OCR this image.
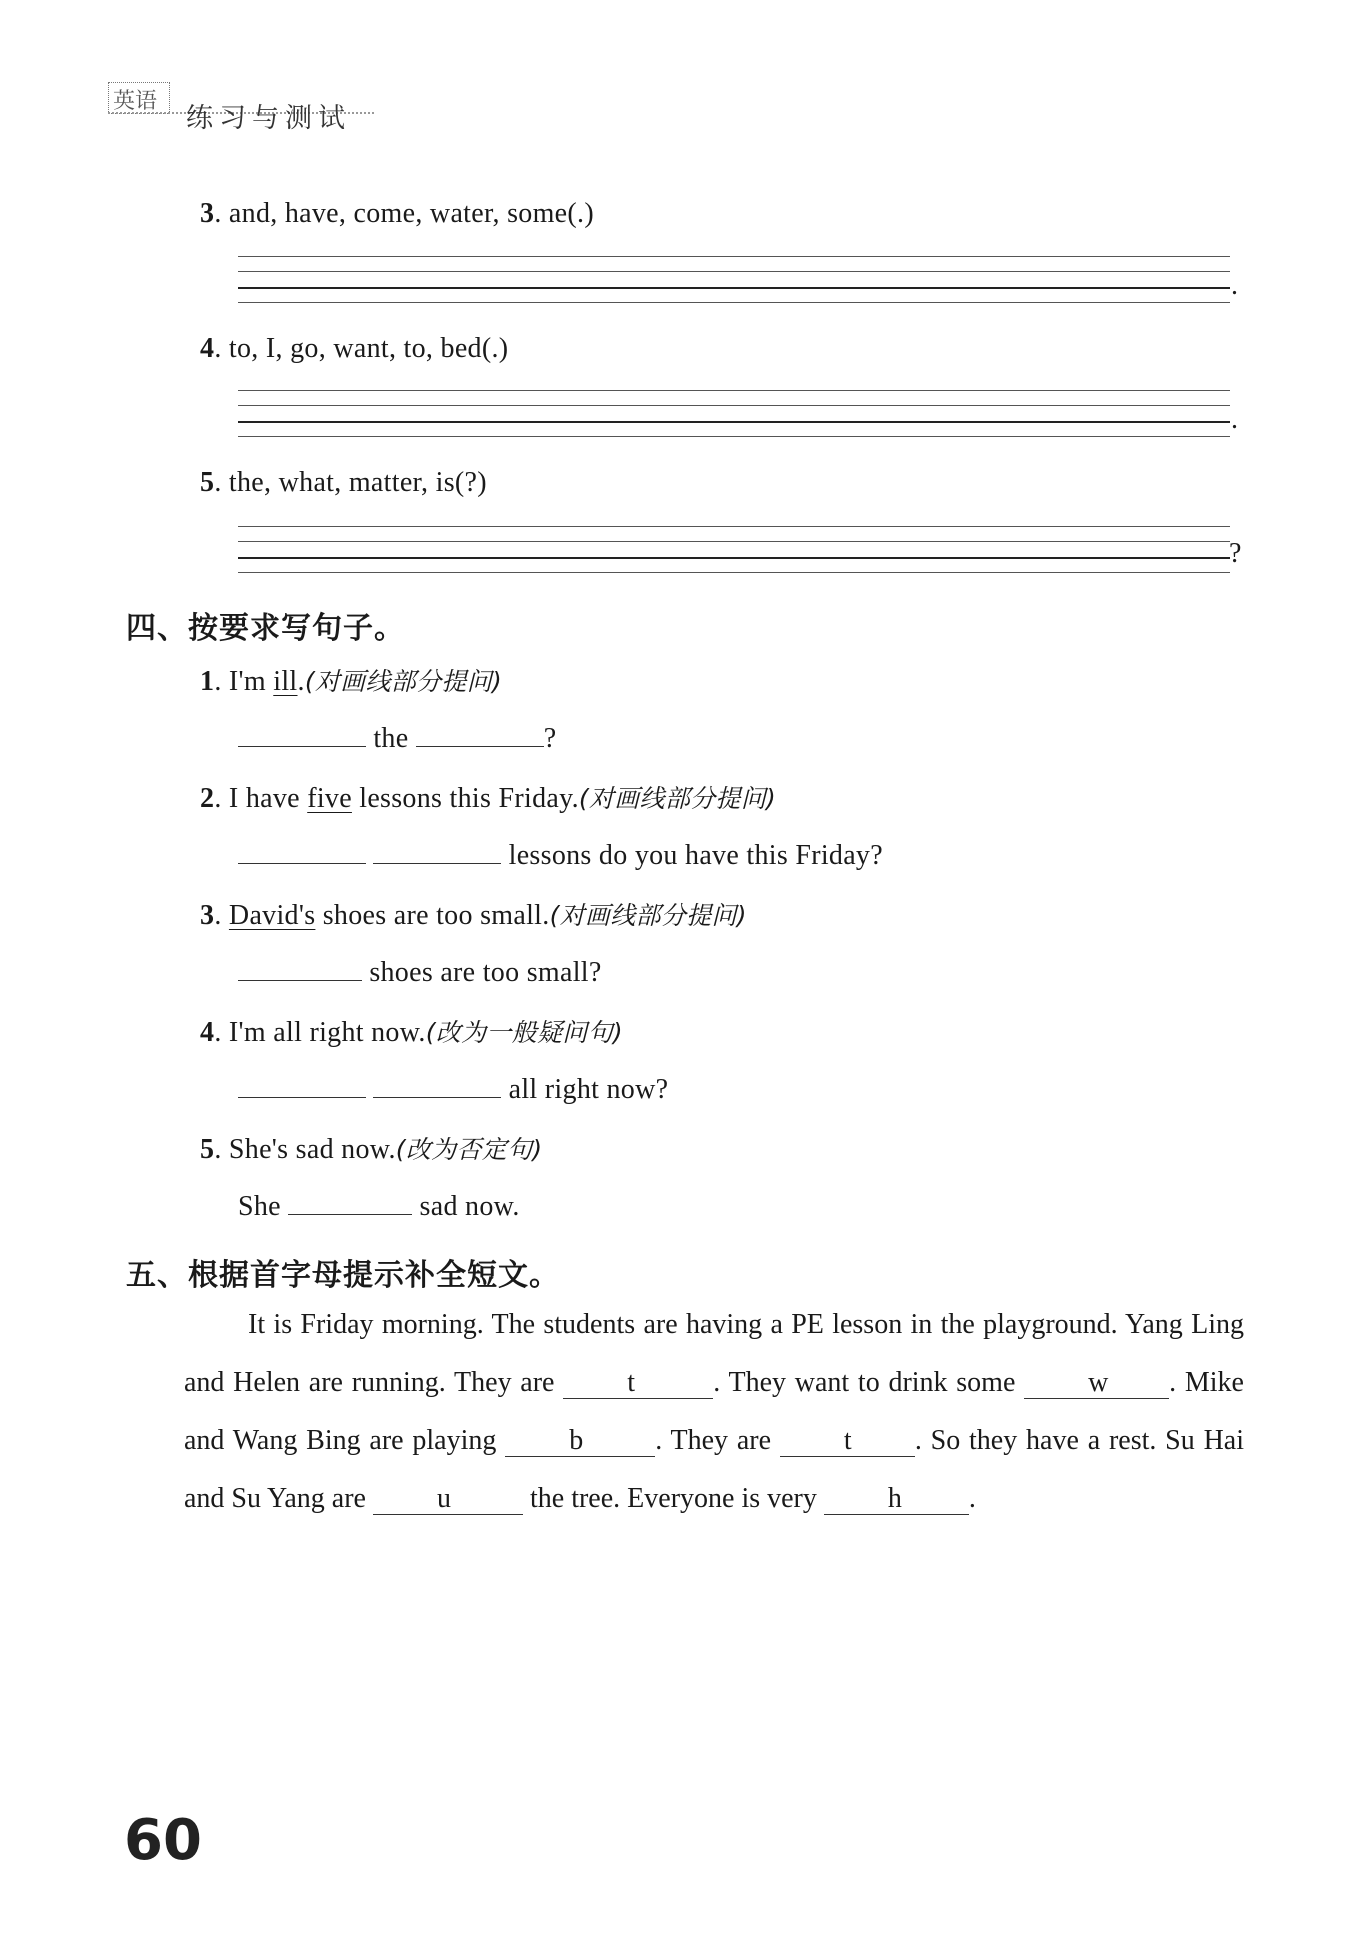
英语
练习与测试
3. and, have, come, water, some(.)
.
4. to, I, go, want, to, bed(.)
.
5. the, what, matter, is(?)
?
四、按要求写句子。
1. I'm ill.(对画线部分提问)
the	?
2. I have five lessons this Friday.(对画线部分提问)
lessons do you have this Friday?
3. David's shoes are too small.(对画线部分提问)
shoes are too small?
4. I'm all right now.(改为一般疑问句)
all right now?
5. She's sad now.(改为否定句)
She	sad now.
五、根据首字母提示补全短文。

It is Friday morning. The students are having a PE lesson in the playground. Yang Ling and Helen are running. They are t	. They want to drink some w . Mike and Wang Bing are playing b	. They are t . So they have a rest. Su Hai and Su Yang are u	the tree. Everyone is very h .

60
